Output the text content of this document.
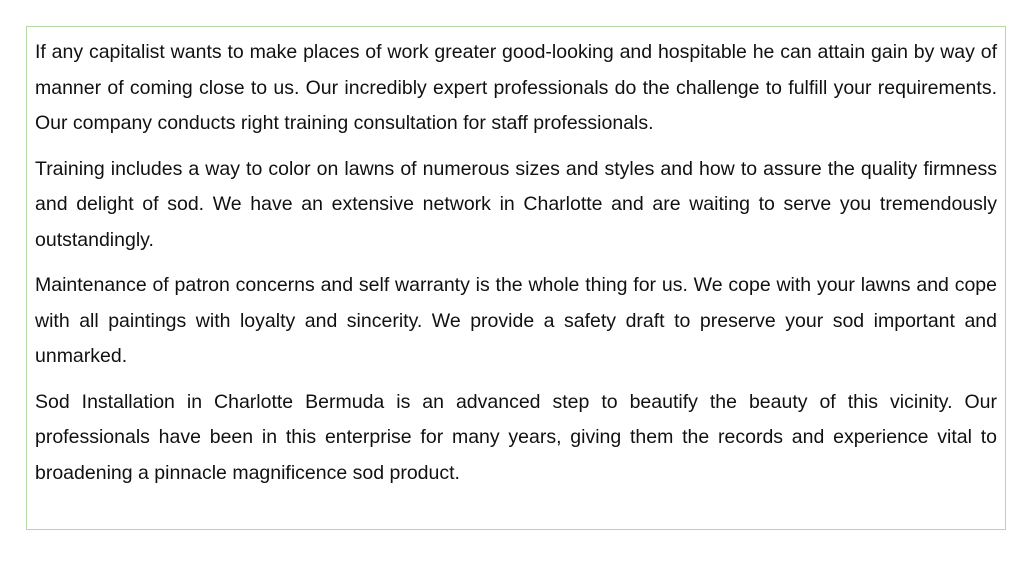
If any capitalist wants to make places of work greater good-looking and hospitable he can attain gain by way of manner of coming close to us. Our incredibly expert professionals do the challenge to fulfill your requirements. Our company conducts right training consultation for staff professionals.

Training includes a way to color on lawns of numerous sizes and styles and how to assure the quality firmness and delight of sod. We have an extensive network in Charlotte and are waiting to serve you tremendously outstandingly.

Maintenance of patron concerns and self warranty is the whole thing for us. We cope with your lawns and cope with all paintings with loyalty and sincerity. We provide a safety draft to preserve your sod important and unmarked.

Sod Installation in Charlotte Bermuda is an advanced step to beautify the beauty of this vicinity. Our professionals have been in this enterprise for many years, giving them the records and experience vital to broadening a pinnacle magnificence sod product.
